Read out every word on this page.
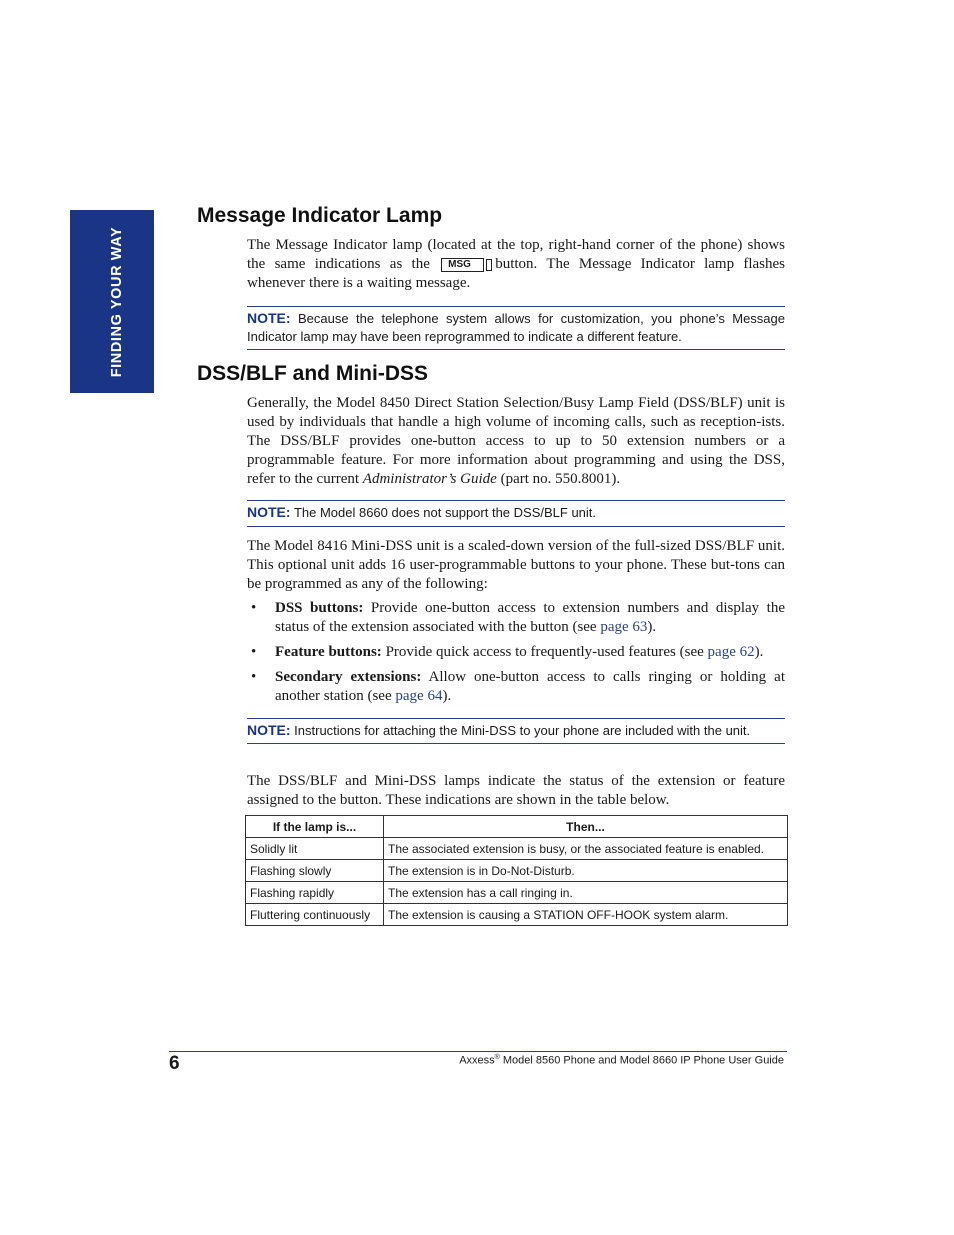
FINDING YOUR WAY
Message Indicator Lamp

The Message Indicator lamp (located at the top, right-hand corner of the phone) shows the same indications as the MSG
button. The Message Indicator lamp flashes whenever there is a waiting message.

NOTE: Because the telephone system allows for customization, you phone’s Message Indicator lamp may have been reprogrammed to indicate a different feature.
DSS/BLF and Mini-DSS

Generally, the Model 8450 Direct Station Selection/Busy Lamp Field (DSS/BLF) unit is used by individuals that handle a high volume of incoming calls, such as reception-ists. The DSS/BLF provides one-button access to up to 50 extension numbers or a programmable feature. For more information about programming and using the DSS, refer to the current Administrator’s Guide (part no. 550.8001).

NOTE: The Model 8660 does not support the DSS/BLF unit.

The Model 8416 Mini-DSS unit is a scaled-down version of the full-sized DSS/BLF unit. This optional unit adds 16 user-programmable buttons to your phone. These but-tons can be programmed as any of the following:

• DSS buttons: Provide one-button access to extension numbers and display the status of the extension associated with the button (see page 63).
• Feature buttons: Provide quick access to frequently-used features (see page 62).
• Secondary extensions: Allow one-button access to calls ringing or holding at another station (see page 64).
NOTE: Instructions for attaching the Mini-DSS to your phone are included with the unit.

The DSS/BLF and Mini-DSS lamps indicate the status of the extension or feature assigned to the button. These indications are shown in the table below.

If the lamp is...	Then...
Solidly lit	The associated extension is busy, or the associated feature is enabled.
Flashing slowly	The extension is in Do-Not-Disturb.
Flashing rapidly	The extension has a call ringing in.
Fluttering continuously	The extension is causing a STATION OFF-HOOK system alarm.
6	Axxess® Model 8560 Phone and Model 8660 IP Phone User Guide
